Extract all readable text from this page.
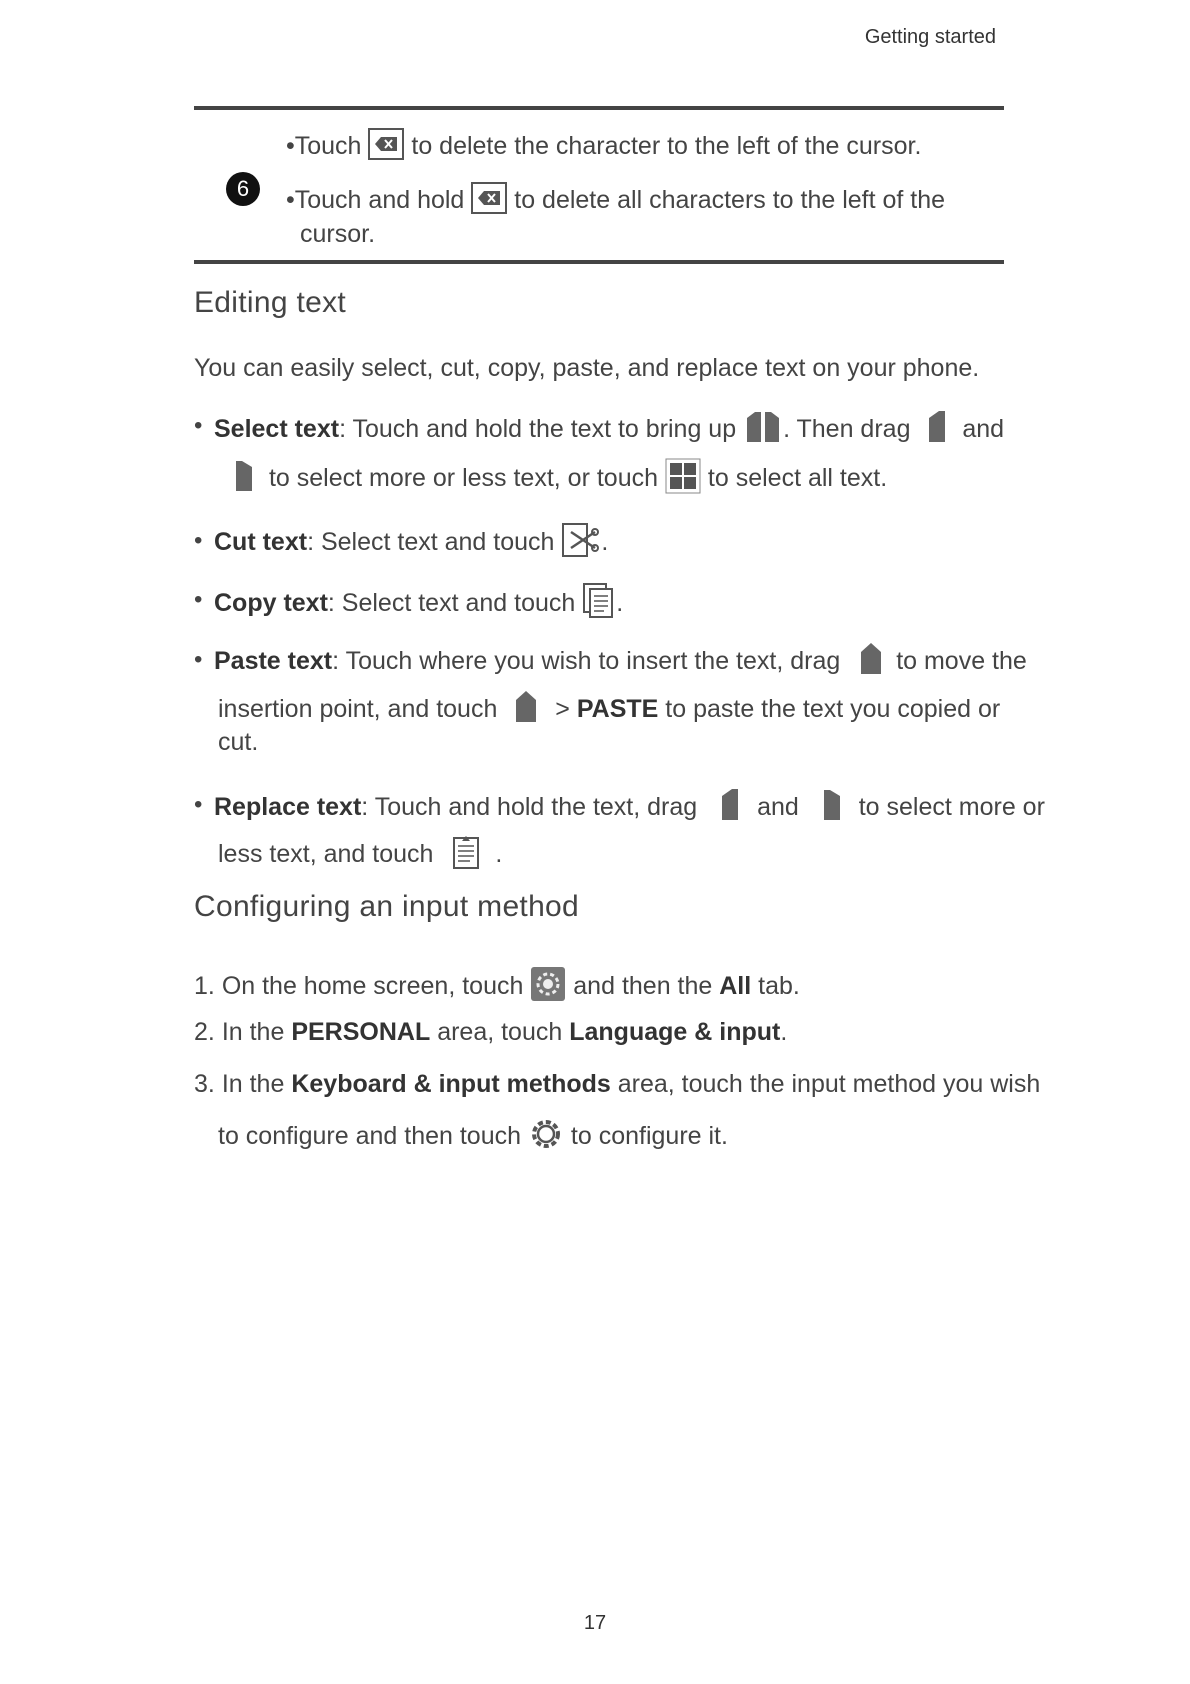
Getting started
6
•Touch to delete the character to the left of the cursor.
•Touch and hold to delete all characters to the left of the
cursor.
Editing text
You can easily select, cut, copy, paste, and replace text on your phone.
• Select text: Touch and hold the text to bring up . Then drag and
to select more or less text, or touch to select all text.
• Cut text: Select text and touch .
• Copy text: Select text and touch .
• Paste text: Touch where you wish to insert the text, drag to move the
insertion point, and touch > PASTE to paste the text you copied or
cut.
• Replace text: Touch and hold the text, drag and to select more or
less text, and touch .
Configuring an input method
1. On the home screen, touch and then the All tab.
2. In the PERSONAL area, touch Language & input.
3. In the Keyboard & input methods area, touch the input method you wish
to configure and then touch to configure it.
17
